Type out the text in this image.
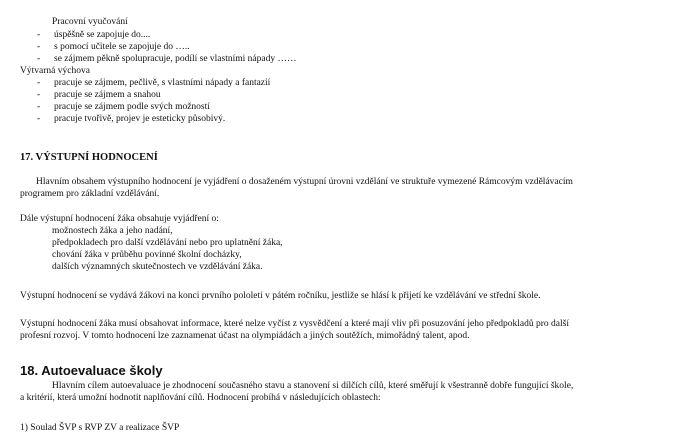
Pracovní vyučování
- úspěšně se zapojuje do....
- s pomocí učitele se zapojuje do …..
- se zájmem pěkně spolupracuje, podílí se vlastními nápady ……
Výtvarná výchova
- pracuje se zájmem, pečlivě, s vlastními nápady a fantazií
- pracuje se zájmem a snahou
- pracuje se zájmem podle svých možností
- pracuje tvořivě, projev je esteticky působivý.
17. VÝSTUPNÍ HODNOCENÍ
Hlavním obsahem výstupního hodnocení je vyjádření o dosaženém výstupní úrovni vzdělání ve struktuře vymezené Rámcovým vzdělávacím
programem pro základní vzdělávání.
Dále výstupní hodnocení žáka obsahuje vyjádření o:
možnostech žáka a jeho nadání,
předpokladech pro další vzdělávání nebo pro uplatnění žáka,
chování žáka v průběhu povinné školní docházky,
dalších významných skutečnostech ve vzdělávání žáka.
Výstupní hodnocení se vydává žákovi na konci prvního pololetí v pátém ročníku, jestliže se hlásí k přijetí ke vzdělávání ve střední škole.
Výstupní hodnocení žáka musí obsahovat informace, které nelze vyčíst z vysvědčení a které mají vliv při posuzování jeho předpokladů pro další
profesní rozvoj. V tomto hodnocení lze zaznamenat účast na olympiádách a jiných soutěžích, mimořádný talent, apod.
18. Autoevaluace školy
Hlavním cílem autoevaluace je zhodnocení současného stavu a stanovení si dílčích cílů, které směřují k všestranně dobře fungující škole,
a kritérií, která umožní hodnotit naplňování cílů. Hodnocení probíhá v následujících oblastech:
1) Soulad ŠVP s RVP ZV a realizace ŠVP
